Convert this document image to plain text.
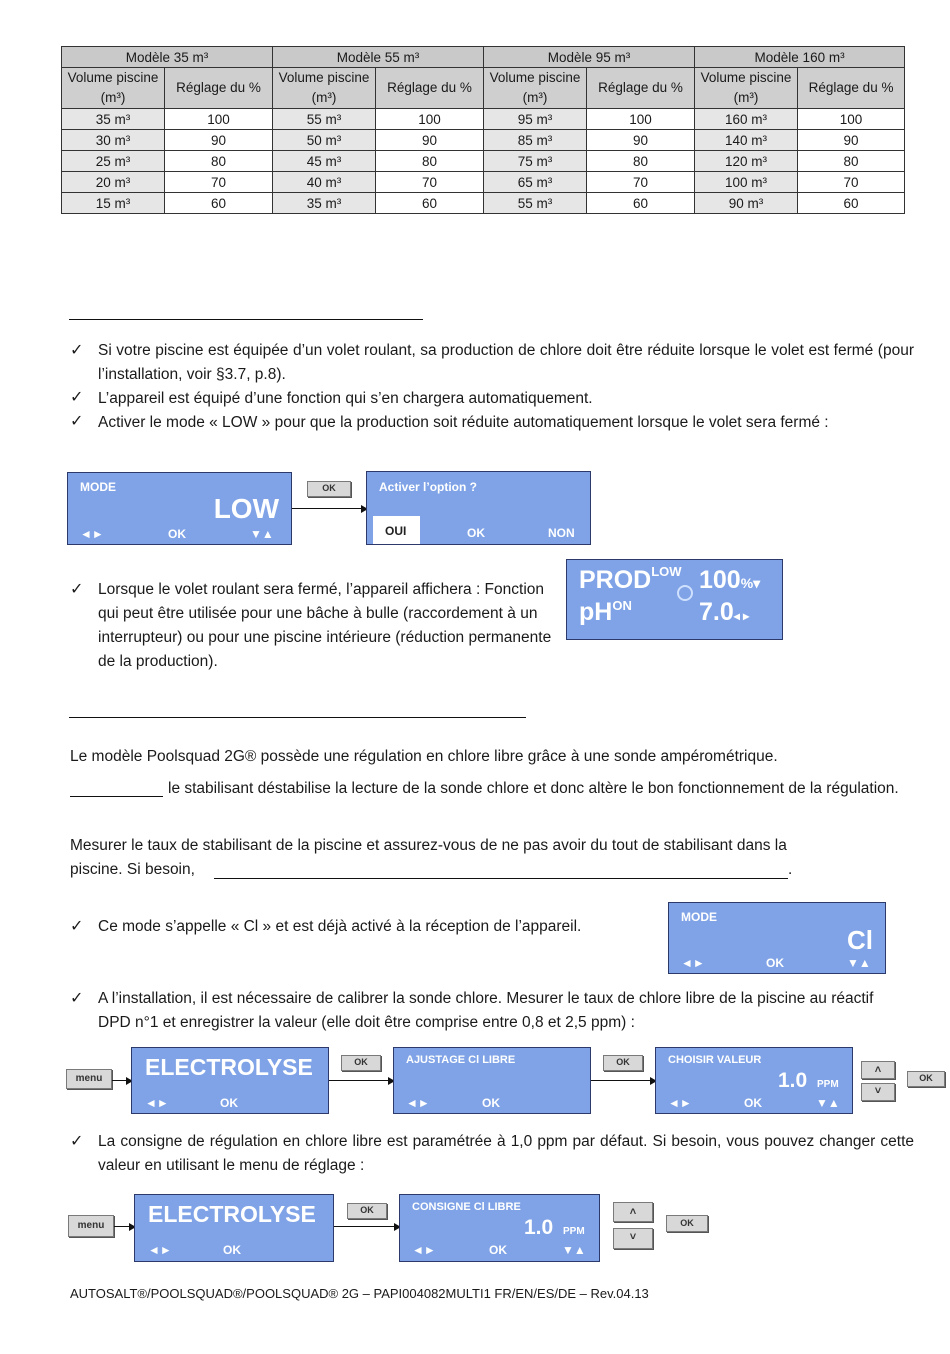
Modèle 35 m³		Modèle 55 m³		Modèle 95 m³		Modèle 160 m³	
Volume piscine (m³)	Réglage du %	Volume piscine (m³)	Réglage du %	Volume piscine (m³)	Réglage du %	Volume piscine (m³)	Réglage du %
35 m³	100	55 m³	100	95 m³	100	160 m³	100
30 m³	90	50 m³	90	85 m³	90	140 m³	90
25 m³	80	45 m³	80	75 m³	80	120 m³	80
20 m³	70	40 m³	70	65 m³	70	100 m³	70
15 m³	60	35 m³	60	55 m³	60	90 m³	60
✓ Si votre piscine est équipée d’un volet roulant, sa production de chlore doit être réduite lorsque le volet est fermé (pour l’installation, voir §3.7, p.8).
✓ L’appareil est équipé d’une fonction qui s’en chargera automatiquement.
✓ Activer le mode « LOW » pour que la production soit réduite automatiquement lorsque le volet sera fermé :
MODE
LOW
◄►	OK	▼▲
OK	Activer l’option ?
OUI	OK	NON
✓ Lorsque le volet roulant sera fermé, l’appareil affichera : Fonction qui peut être utilisée pour une bâche à bulle (raccordement à un interrupteur) ou pour une piscine intérieure (réduction permanente de la production).
$PROD^{LOW}$ 100%▾
$pH^{ON}$	7.0◂ ▸
Le modèle Poolsquad 2G® possède une régulation en chlore libre grâce à une sonde ampérométrique.
le stabilisant déstabilise la lecture de la sonde chlore et donc altère le bon fonctionnement de la régulation.
Mesurer le taux de stabilisant de la piscine et assurez-vous de ne pas avoir du tout de stabilisant dans la
piscine. Si besoin,	.
✓ Ce mode s’appelle « Cl » et est déjà activé à la réception de l’appareil.
MODE
Cl
◄►	OK	▼▲
✓ A l’installation, il est nécessaire de calibrer la sonde chlore. Mesurer le taux de chlore libre de la piscine au réactif DPD n°1 et enregistrer la valeur (elle doit être comprise entre 0,8 et 2,5 ppm) :
menu	ELECTROLYSE
◄►	OK
OK	AJUSTAGE Cl LIBRE
◄►	OK
OK	CHOISIR VALEUR
1.0 PPM
◄►	OK	▼▲
˄
˅
OK
✓ La consigne de régulation en chlore libre est paramétrée à 1,0 ppm par défaut. Si besoin, vous pouvez changer cette valeur en utilisant le menu de réglage :
menu	ELECTROLYSE
◄►	OK
OK	CONSIGNE Cl LIBRE
1.0 PPM
◄►	OK	▼▲
˄
˅
OK
AUTOSALT®/POOLSQUAD®/POOLSQUAD® 2G – PAPI004082MULTI1 FR/EN/ES/DE – Rev.04.13
